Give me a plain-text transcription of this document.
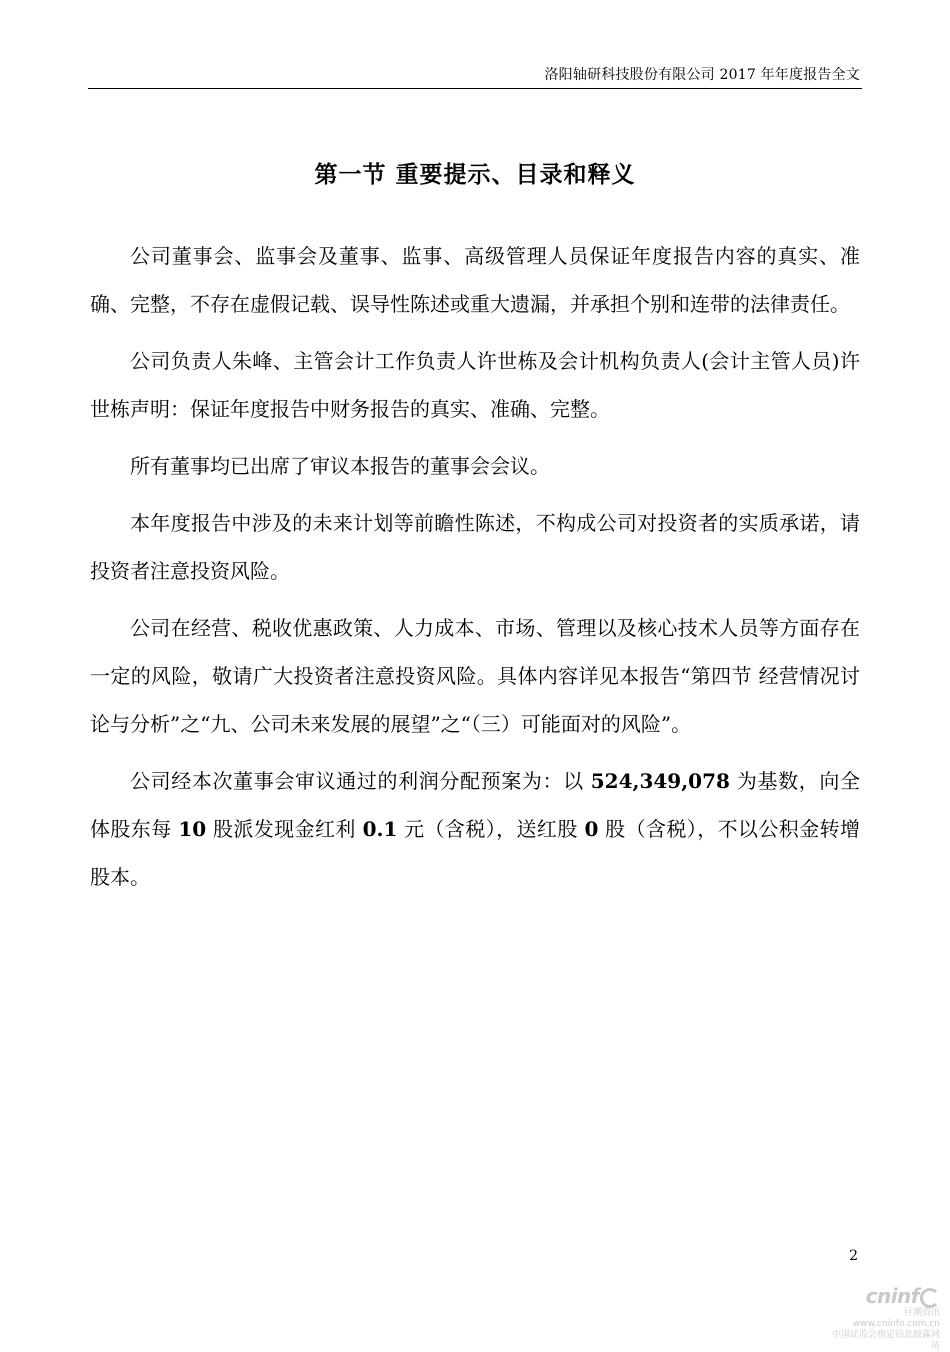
洛阳轴研科技股份有限公司 2017 年年度报告全文
第一节 重要提示、目录和释义

公司董事会、监事会及董事、监事、高级管理人员保证年度报告内容的真实、准确、完整，不存在虚假记载、误导性陈述或重大遗漏，并承担个别和连带的法律责任。

公司负责人朱峰、主管会计工作负责人许世栋及会计机构负责人(会计主管人员)许世栋声明：保证年度报告中财务报告的真实、准确、完整。

所有董事均已出席了审议本报告的董事会会议。

本年度报告中涉及的未来计划等前瞻性陈述，不构成公司对投资者的实质承诺，请投资者注意投资风险。

公司在经营、税收优惠政策、人力成本、市场、管理以及核心技术人员等方面存在一定的风险，敬请广大投资者注意投资风险。具体内容详见本报告“第四节 经营情况讨论与分析”之“九、公司未来发展的展望”之“（三）可能面对的风险”。

公司经本次董事会审议通过的利润分配预案为：以 524,349,078 为基数，向全体股东每 10 股派发现金红利 0.1 元（含税），送红股 0 股（含税），不以公积金转增股本。

2
cninf
巨潮资讯
www.cninfo.com.cn
中国证监会指定信息披露网站
